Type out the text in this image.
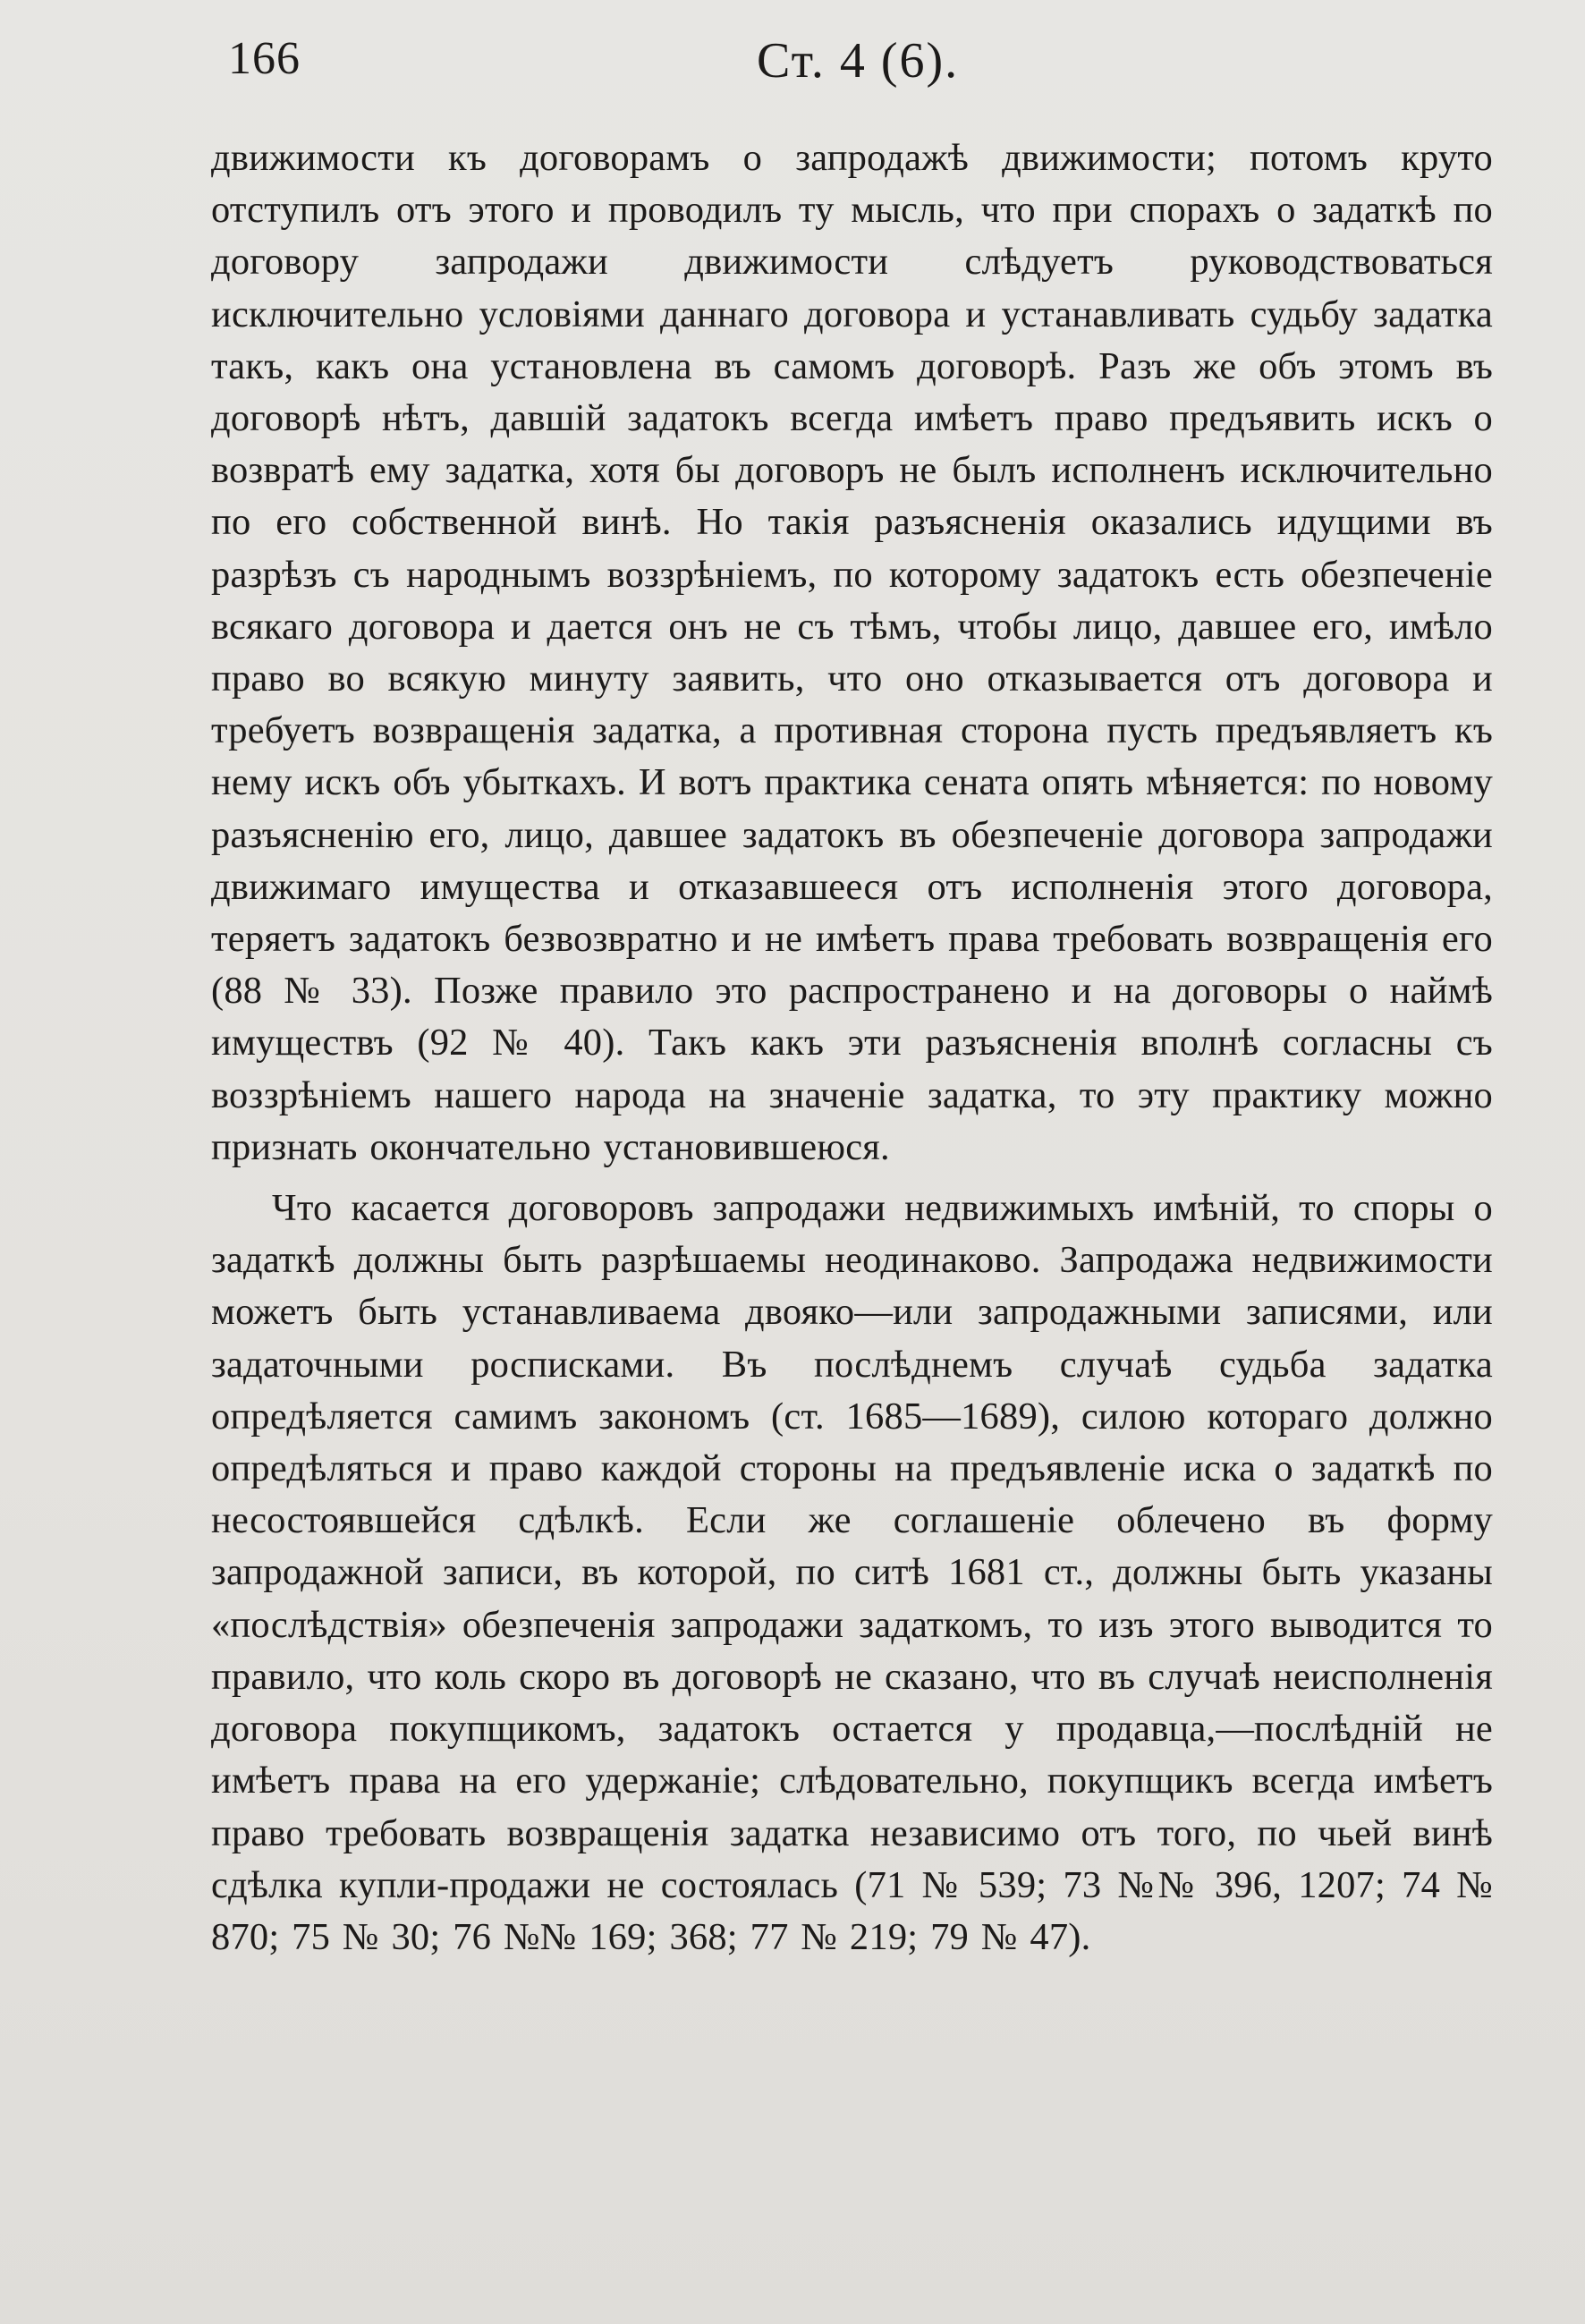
166	Ст. 4 (6).

движимости къ договорамъ о запродажѣ движимости; потомъ круто отступилъ отъ этого и проводилъ ту мысль, что при спорахъ о задаткѣ по договору запродажи движимости слѣдуетъ руководствоваться исключительно условіями даннаго договора и устанавливать судьбу задатка такъ, какъ она установлена въ самомъ договорѣ. Разъ же объ этомъ въ договорѣ нѣтъ, давшій задатокъ всегда имѣетъ право предъявить искъ о возвратѣ ему задатка, хотя бы договоръ не былъ исполненъ исключительно по его собственной винѣ. Но такія разъясненія оказались идущими въ разрѣзъ съ народнымъ воззрѣніемъ, по которому задатокъ есть обезпеченіе всякаго договора и дается онъ не съ тѣмъ, чтобы лицо, давшее его, имѣло право во всякую минуту заявить, что оно отказывается отъ договора и требуетъ возвращенія задатка, а противная сторона пусть предъявляетъ къ нему искъ объ убыткахъ. И вотъ практика сената опять мѣняется: по новому разъясненію его, лицо, давшее задатокъ въ обезпеченіе договора запродажи движимаго имущества и отказавшееся отъ исполненія этого договора, теряетъ задатокъ безвозвратно и не имѣетъ права требовать возвращенія его (88 № 33). Позже правило это распространено и на договоры о наймѣ имуществъ (92 № 40). Такъ какъ эти разъясненія вполнѣ согласны съ воззрѣніемъ нашего народа на значеніе задатка, то эту практику можно признать окончательно установившеюся.

Что касается договоровъ запродажи недвижимыхъ имѣній, то споры о задаткѣ должны быть разрѣшаемы неодинаково. Запродажа недвижимости можетъ быть устанавливаема двояко—или запродажными записями, или задаточными росписками. Въ послѣднемъ случаѣ судьба задатка опредѣляется самимъ закономъ (ст. 1685—1689), силою котораго должно опредѣляться и право каждой стороны на предъявленіе иска о задаткѣ по несостоявшейся сдѣлкѣ. Если же соглашеніе облечено въ форму запродажной записи, въ которой, по ситѣ 1681 ст., должны быть указаны «послѣдствія» обезпеченія запродажи задаткомъ, то изъ этого выводится то правило, что коль скоро въ договорѣ не сказано, что въ случаѣ неисполненія договора покупщикомъ, задатокъ остается у продавца,—послѣдній не имѣетъ права на его удержаніе; слѣдовательно, покупщикъ всегда имѣетъ право требовать возвращенія задатка независимо отъ того, по чьей винѣ сдѣлка купли-продажи не состоялась (71 № 539; 73 №№ 396, 1207; 74 № 870; 75 № 30; 76 №№ 169; 368; 77 № 219; 79 № 47).
